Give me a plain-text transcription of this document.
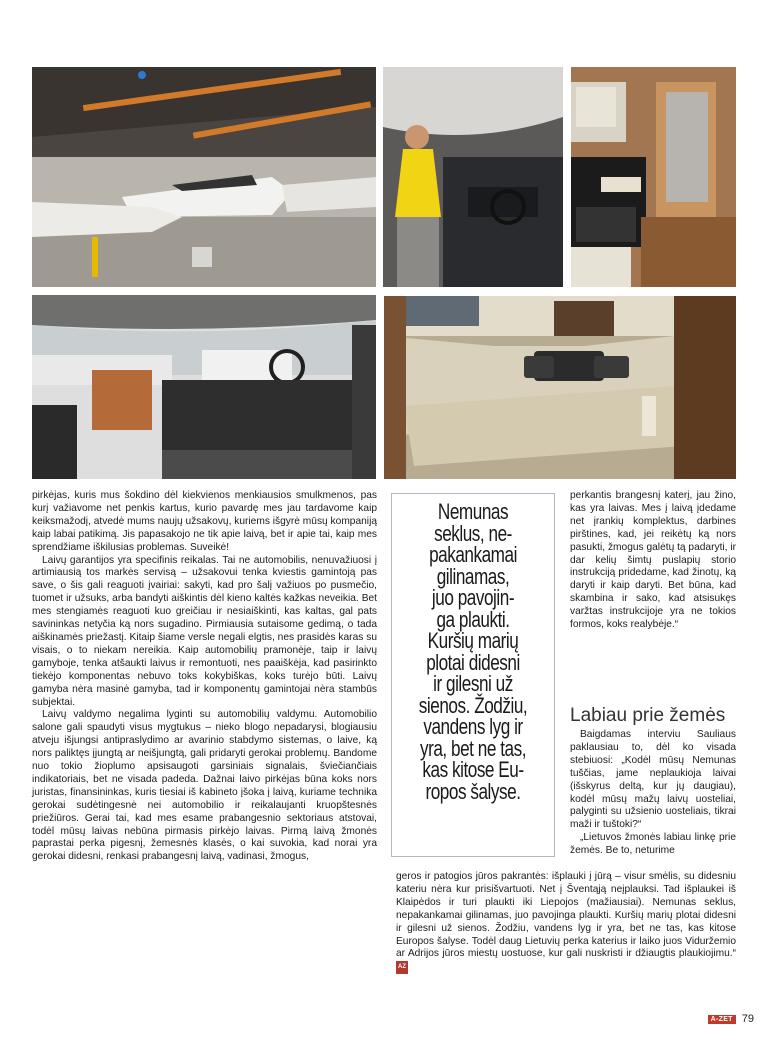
pirkėjas, kuris mus šokdino dėl kiekvienos menkiausios smulkmenos, pas kurį važiavome net penkis kartus, kurio pavardę mes jau tardavome kaip keiksmažodį, atvedė mums naujų užsakovų, kuriems išgyrė mūsų kompaniją kaip labai patikimą. Jis papasakojo ne tik apie laivą, bet ir apie tai, kaip mes sprendžiame iškilusias problemas. Suveikė!

Laivų garantijos yra specifinis reikalas. Tai ne automobilis, nenuvažiuosi į artimiausią tos markės servisą – užsakovui tenka kviestis gamintoją pas save, o šis gali reaguoti įvairiai: sakyti, kad pro šalį važiuos po pusmečio, tuomet ir užsuks, arba bandyti aiškintis dėl kieno kaltės kažkas neveikia. Bet mes stengiamės reaguoti kuo greičiau ir nesiaiškinti, kas kaltas, gal pats savininkas netyčia ką nors sugadino. Pirmiausia sutaisome gedimą, o tada aiškinamės priežastį. Kitaip šiame versle negali elgtis, nes prasidės karas su visais, o to niekam nereikia. Kaip automobilių pramonėje, taip ir laivų gamyboje, tenka atšaukti laivus ir remontuoti, nes paaiškėja, kad pasirinkto tiekėjo komponentas nebuvo toks kokybiškas, koks turėjo būti. Laivų gamyba nėra masinė gamyba, tad ir komponentų gamintojai nėra stambūs subjektai.

Laivų valdymo negalima lyginti su automobilių valdymu. Automobilio salone gali spaudyti visus mygtukus – nieko blogo nepadarysi, blogiausiu atveju išjungsi antipraslydimo ar avarinio stabdymo sistemas, o laive, ką nors paliktęs įjungtą ar neišjungtą, gali pridaryti gerokai problemų. Bandome nuo tokio žioplumo apsisaugoti garsiniais signalais, šviečiančiais indikatoriais, bet ne visada padeda. Dažnai laivo pirkėjas būna koks nors juristas, finansininkas, kuris tiesiai iš kabineto įšoka į laivą, kuriame technika gerokai sudėtingesnė nei automobilio ir reikalaujanti kruopštesnės priežiūros. Gerai tai, kad mes esame prabangesnio sektoriaus atstovai, todėl mūsų laivas nebūna pirmasis pirkėjo laivas. Pirmą laivą žmonės paprastai perka pigesnį, žemesnės klasės, o kai suvokia, kad norai yra gerokai didesni, renkasi prabangesnį laivą, vadinasi, žmogus,

Nemunas
seklus, ne-
pakankamai
gilinamas,
juo pavojin-
ga plaukti.
Kuršių marių
plotai didesni
ir gilesni už
sienos. Žodžiu,
vandens lyg ir
yra, bet ne tas,
kas kitose Eu-
ropos šalyse.

perkantis brangesnį katerį, jau žino, kas yra laivas. Mes į laivą įdedame net įrankių komplektus, darbines pirštines, kad, jei reikėtų ką nors pasukti, žmogus galėtų tą padaryti, ir dar kelių šimtų puslapių storio instrukciją pridedame, kad žinotų, ką daryti ir kaip daryti. Bet būna, kad skambina ir sako, kad atsisukęs varžtas instrukcijoje yra ne tokios formos, koks realybėje.“

Labiau prie žemės

Baigdamas interviu Sauliaus paklausiau to, dėl ko visada stebiuosi: „Kodėl mūsų Nemunas tuščias, jame neplaukioja laivai (išskyrus deltą, kur jų daugiau), kodėl mūsų mažų laivų uosteliai, palyginti su užsienio uosteliais, tikrai maži ir tuštoki?“

„Lietuvos žmonės labiau linkę prie žemės. Be to, neturime

geros ir patogios jūros pakrantės: išplauki į jūrą – visur smėlis, su didesniu kateriu nėra kur prisišvartuoti. Net į Šventąją neįplauksi. Tad išplaukei iš Klaipėdos ir turi plaukti iki Liepojos (mažiausiai). Nemunas seklus, nepakankamai gilinamas, juo pavojinga plaukti. Kuršių marių plotai didesni ir gilesni už sienos. Žodžiu, vandens lyg ir yra, bet ne tas, kas kitose Europos šalyse. Todėl daug Lietuvių perka katerius ir laiko juos Viduržemio ar Adrijos jūros miestų uostuose, kur gali nuskristi ir džiaugtis plaukiojimu.“ AZ

A-ZET 79
